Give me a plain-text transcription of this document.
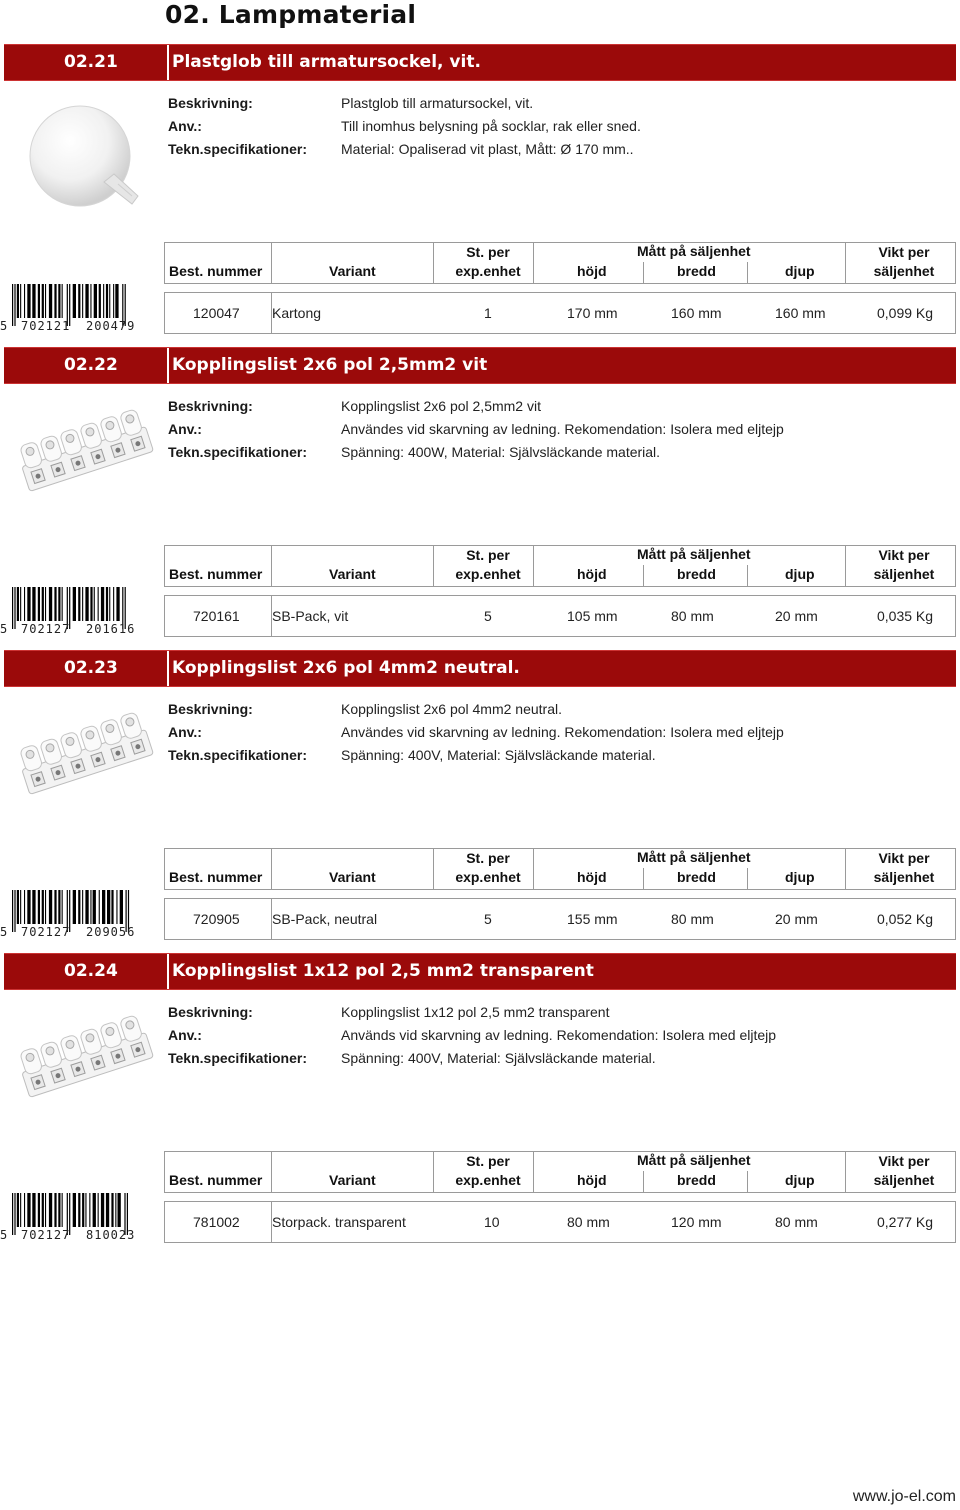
02. Lampmaterial
02.21	Plastglob till armatursockel, vit.
Beskrivning:	Plastglob till armatursockel, vit.
Anv.:	Till inomhus belysning på socklar, rak eller sned.
Tekn.specifikationer: Material: Opaliserad vit plast, Mått: Ø 170 mm..
Best. nummer	Variant
St. per
exp.enhet
Mått på säljenhet
höjd	bredd	djup
Vikt per
säljenhet
120047 Kartong	1	170 mm	160 mm	160 mm	0,099 Kg
5 702121 200479
02.22	Kopplingslist 2x6 pol 2,5mm2 vit
Beskrivning:	Kopplingslist 2x6 pol 2,5mm2 vit
Anv.:	Användes vid skarvning av ledning. Rekomendation: Isolera med eljtejp
Tekn.specifikationer: Spänning: 400W, Material: Självsläckande material.
Best. nummer	Variant
St. per
exp.enhet
Mått på säljenhet
höjd	bredd	djup
Vikt per
säljenhet
720161 SB-Pack, vit	5	105 mm	80 mm	20 mm	0,035 Kg
5 702127 201616
02.23	Kopplingslist 2x6 pol 4mm2 neutral.
Beskrivning:	Kopplingslist 2x6 pol 4mm2 neutral.
Anv.:	Användes vid skarvning av ledning. Rekomendation: Isolera med eljtejp
Tekn.specifikationer: Spänning: 400V, Material: Självsläckande material.
Best. nummer	Variant
St. per
exp.enhet
Mått på säljenhet
höjd	bredd	djup
Vikt per
säljenhet
720905 SB-Pack, neutral	5	155 mm	80 mm	20 mm	0,052 Kg
5 702127 209056
02.24	Kopplingslist 1x12 pol 2,5 mm2 transparent
Beskrivning:	Kopplingslist 1x12 pol 2,5 mm2 transparent
Anv.:	Används vid skarvning av ledning. Rekomendation: Isolera med eljtejp
Tekn.specifikationer: Spänning: 400V, Material: Självsläckande material.
Best. nummer	Variant
St. per
exp.enhet
Mått på säljenhet
höjd	bredd	djup
Vikt per
säljenhet
781002 Storpack. transparent	10	80 mm	120 mm	80 mm	0,277 Kg
5 702127 810023
www.jo-el.com
